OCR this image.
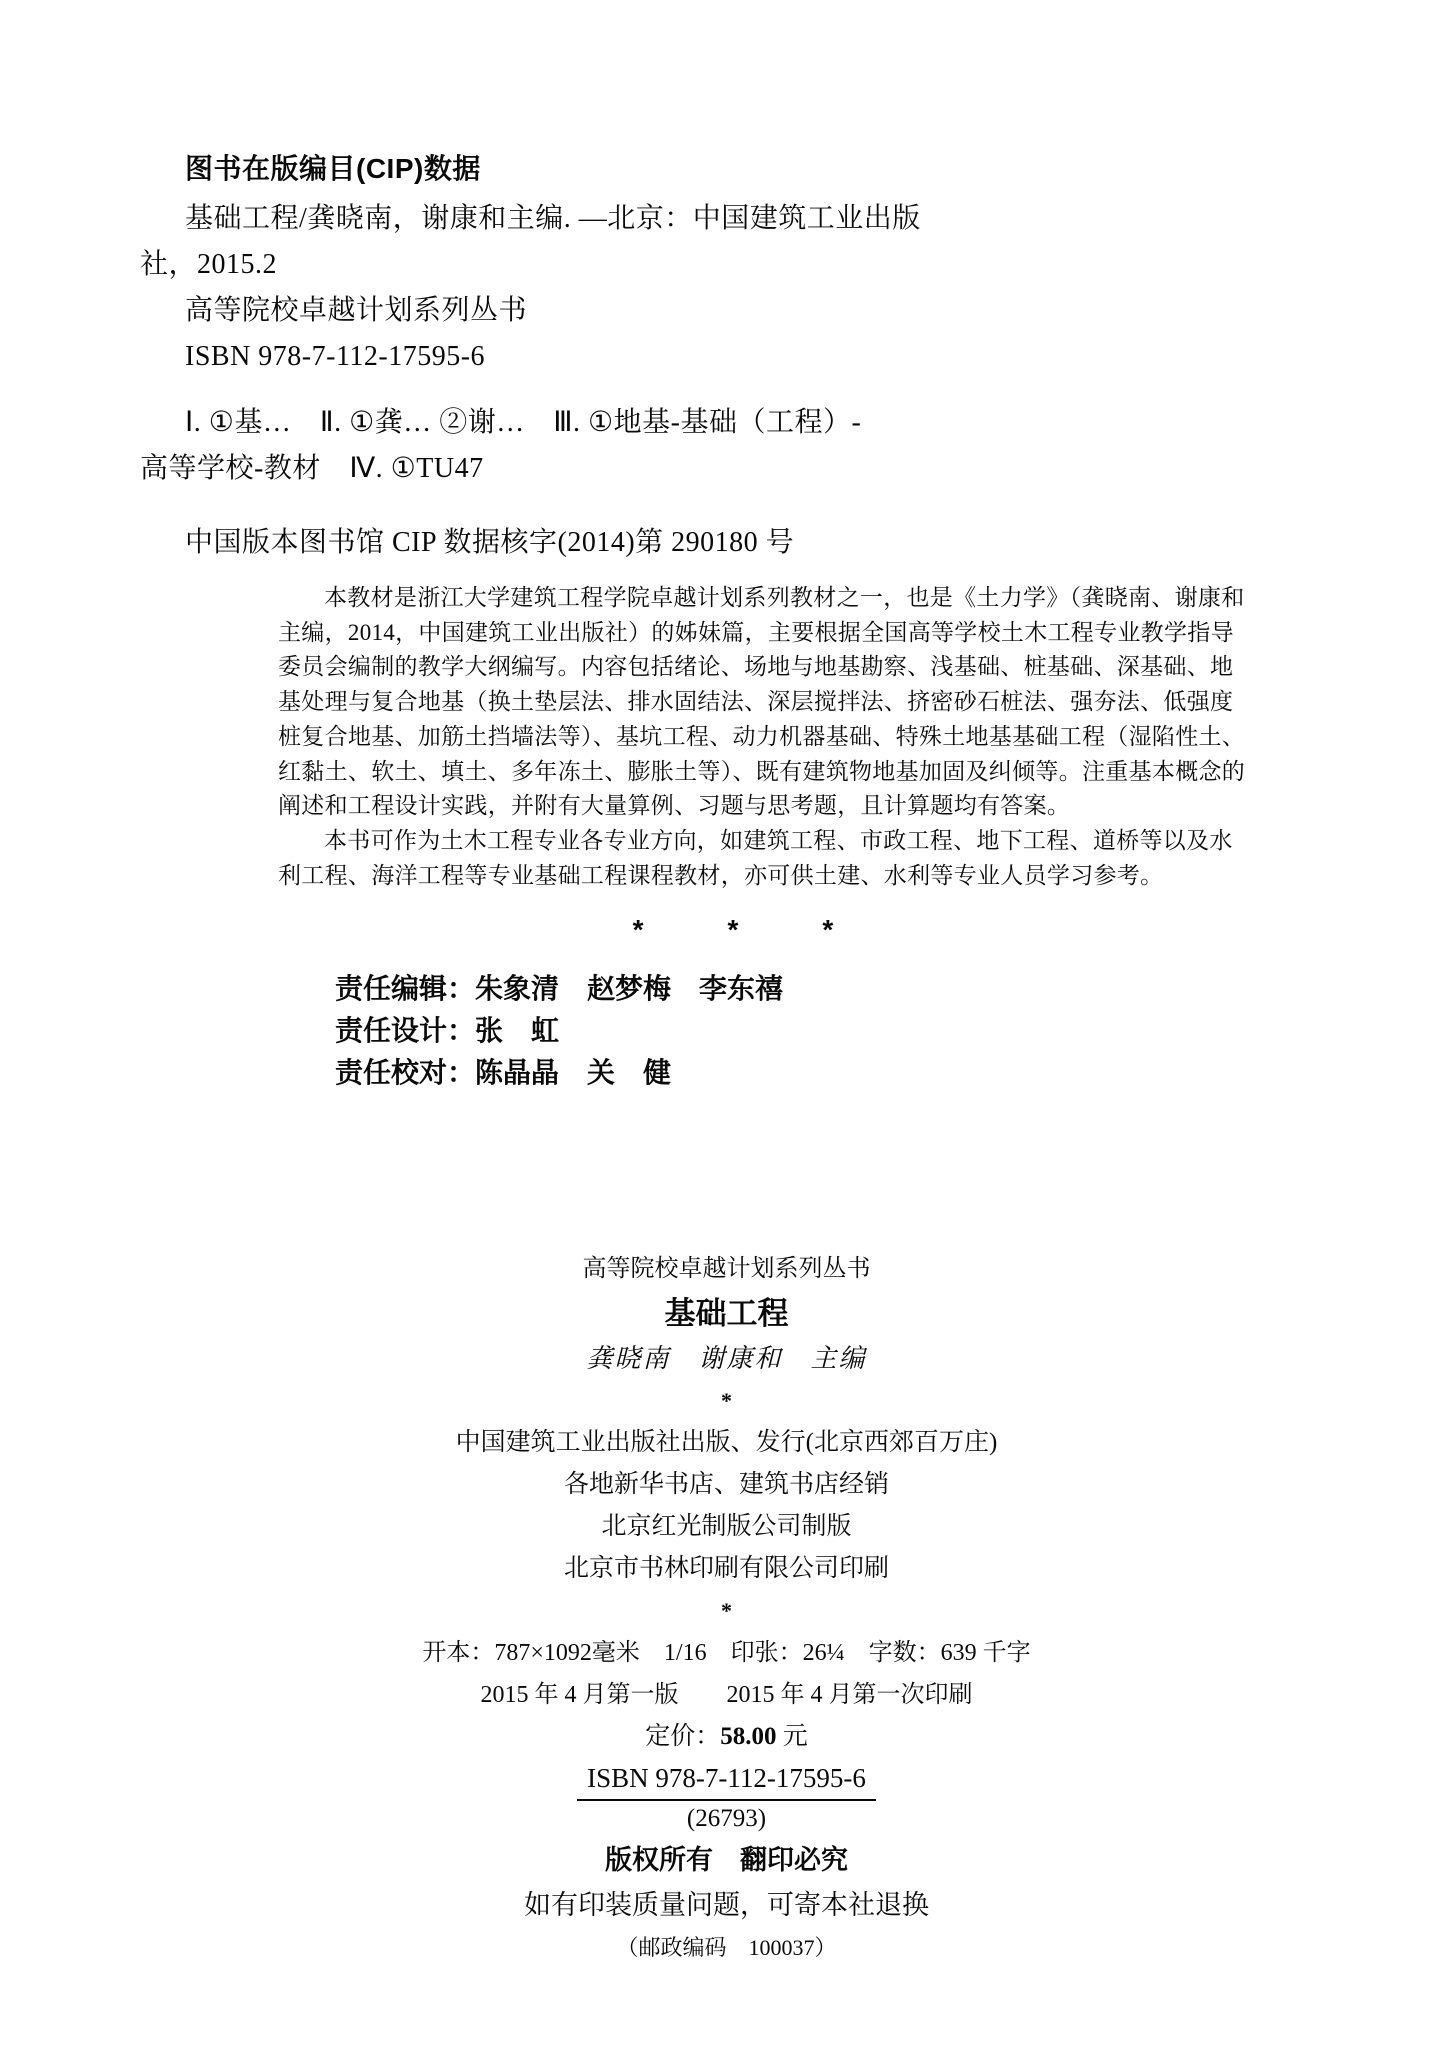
图书在版编目(CIP)数据
基础工程/龚晓南，谢康和主编. —北京：中国建筑工业出版
社，2015.2
高等院校卓越计划系列丛书
ISBN 978-7-112-17595-6
Ⅰ. ①基…　Ⅱ. ①龚… ②谢…　Ⅲ. ①地基-基础（工程）-
高等学校-教材　Ⅳ. ①TU47
中国版本图书馆 CIP 数据核字(2014)第 290180 号
本教材是浙江大学建筑工程学院卓越计划系列教材之一，也是《土力学》（龚晓南、谢康和
主编，2014，中国建筑工业出版社）的姊妹篇，主要根据全国高等学校土木工程专业教学指导
委员会编制的教学大纲编写。内容包括绪论、场地与地基勘察、浅基础、桩基础、深基础、地
基处理与复合地基（换土垫层法、排水固结法、深层搅拌法、挤密砂石桩法、强夯法、低强度
桩复合地基、加筋土挡墙法等）、基坑工程、动力机器基础、特殊土地基基础工程（湿陷性土、
红黏土、软土、填土、多年冻土、膨胀土等）、既有建筑物地基加固及纠倾等。注重基本概念的
阐述和工程设计实践，并附有大量算例、习题与思考题，且计算题均有答案。
本书可作为土木工程专业各专业方向，如建筑工程、市政工程、地下工程、道桥等以及水
利工程、海洋工程等专业基础工程课程教材，亦可供土建、水利等专业人员学习参考。
*　　　*　　　*
责任编辑：朱象清　赵梦梅　李东禧
责任设计：张　虹
责任校对：陈晶晶　关　健
高等院校卓越计划系列丛书
基础工程
龚晓南　谢康和　主编
*
中国建筑工业出版社出版、发行(北京西郊百万庄)
各地新华书店、建筑书店经销
北京红光制版公司制版
北京市书林印刷有限公司印刷
*
开本：787×1092毫米　1/16　印张：26¼　字数：639 千字
2015 年 4 月第一版　　2015 年 4 月第一次印刷
定价：58.00 元
ISBN 978-7-112-17595-6
(26793)
版权所有　翻印必究
如有印装质量问题，可寄本社退换
（邮政编码　100037）
